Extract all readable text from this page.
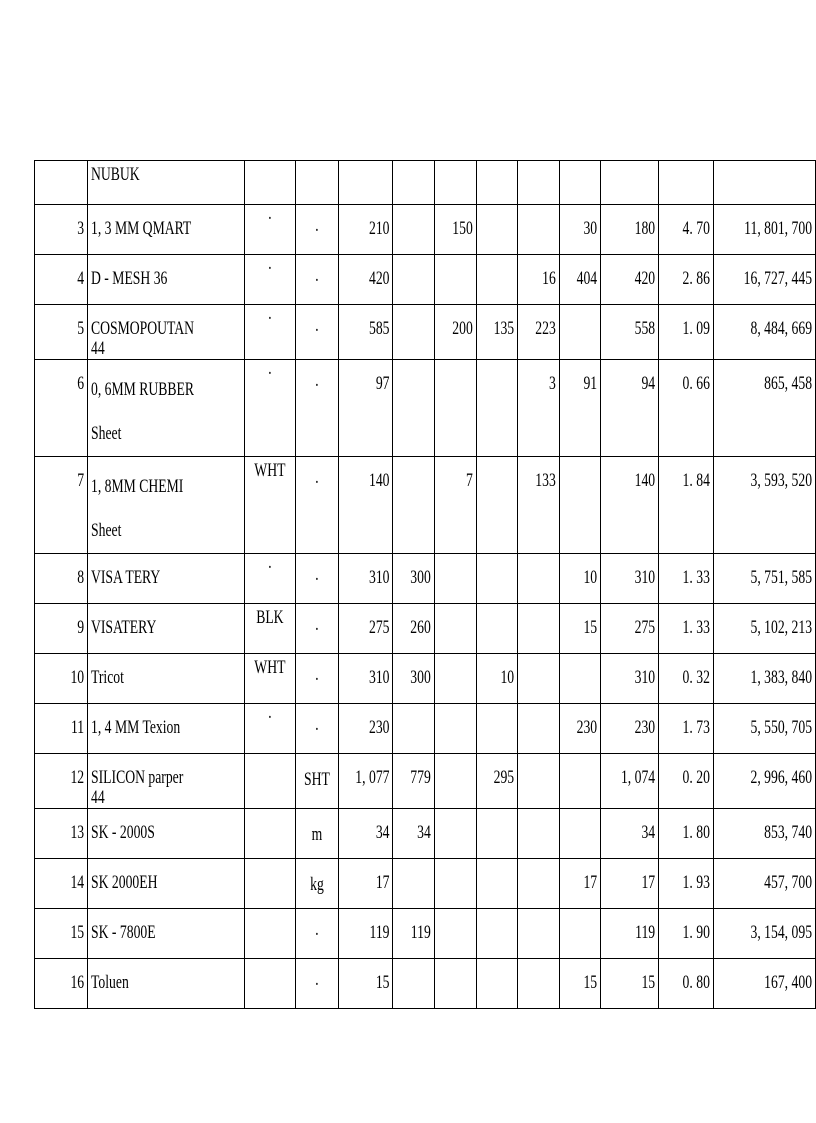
	NUBUK											

3	1, 3 MM QMART	·	·	210		150			30	180	4. 70	11, 801, 700

4	D - MESH 36	·	·	420				16	404	420	2. 86	16, 727, 445

5	COSMOPOUTAN 44	·	·	585		200	135	223		558	1. 09	8, 484, 669

6	0, 6MM RUBBER Sheet	·	·	97				3	91	94	0. 66	865, 458

7	1, 8MM CHEMI Sheet	WHT	·	140		7		133		140	1. 84	3, 593, 520

8	VISA TERY	·	·	310	300				10	310	1. 33	5, 751, 585

9	VISATERY	BLK	·	275	260				15	275	1. 33	5, 102, 213

10	Tricot	WHT	·	310	300		10			310	0. 32	1, 383, 840

11	1, 4 MM Texion	·	·	230					230	230	1. 73	5, 550, 705

12	SILICON parper 44		SHT	1, 077	779		295			1, 074	0. 20	2, 996, 460

13	SK - 2000S		m	34	34					34	1. 80	853, 740

14	SK 2000EH		kg	17					17	17	1. 93	457, 700

15	SK - 7800E		·	119	119					119	1. 90	3, 154, 095

16	Toluen		·	15					15	15	0. 80	167, 400
